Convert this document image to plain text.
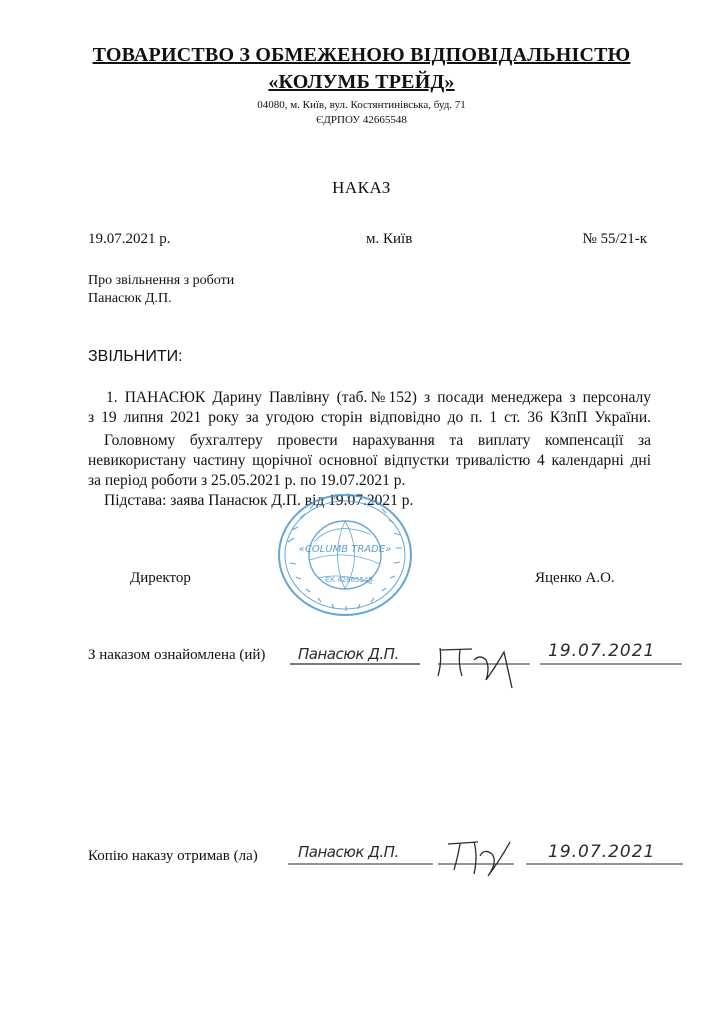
ТОВАРИСТВО З ОБМЕЖЕНОЮ ВІДПОВІДАЛЬНІСТЮ
«КОЛУМБ ТРЕЙД»
04080, м. Київ, вул. Костянтинівська, буд. 71
ЄДРПОУ 42665548
НАКАЗ
19.07.2021 р.	м. Київ	№ 55/21-к
Про звільнення з роботи
Панасюк Д.П.
ЗВІЛЬНИТИ:
1. ПАНАСЮК Дарину Павлівну (таб.№152) з посади менеджера з персоналу
з 19 липня 2021 року за угодою сторін відповідно до п. 1 ст. 36 КЗпП України.
Головному бухгалтеру провести нарахування та виплату компенсації за
невикористану частину щорічної основної відпустки тривалістю 4 календарні дні
за період роботи з 25.05.2021 р. по 19.07.2021 р.
Підстава: заява Панасюк Д.П. від 19.07.2021 р.
«COLUMB TRADE»
ЄК 42665548
Директор	Яценко А.О.
З наказом ознайомлена (ий) Панасюк Д.П.	19.07.2021
Копію наказу отримав (ла)	Панасюк Д.П.	19.07.2021
